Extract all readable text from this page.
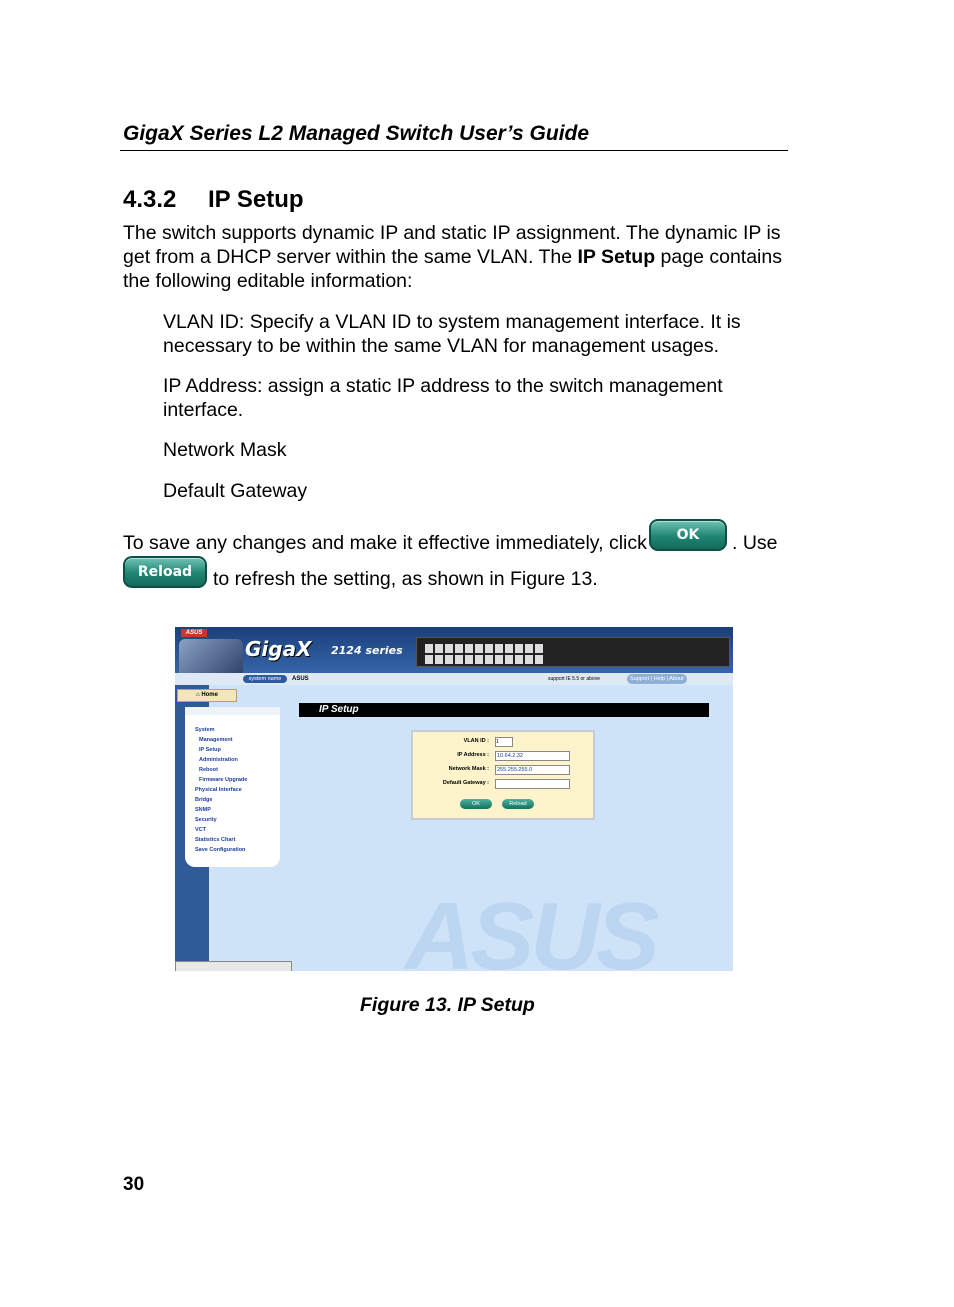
GigaX Series L2 Managed Switch User’s Guide
4.3.2 IP Setup
The switch supports dynamic IP and static IP assignment. The dynamic IP is get from a DHCP server within the same VLAN. The IP Setup page contains the following editable information:
VLAN ID: Specify a VLAN ID to system management interface. It is necessary to be within the same VLAN for management usages.
IP Address: assign a static IP address to the switch management interface.
Network Mask
Default Gateway
To save any changes and make it effective immediately, click	OK	. Use
Reload	to refresh the setting, as shown in Figure 13.
ASUS
GigaX 2124 series
system name	ASUS	support IE 5.5 or above	Support | Help | About
⌂ Home
System
Management
IP Setup
Administration
Reboot
Firmware Upgrade
Physical Interface
Bridge
SNMP
Security
VCT
Statistics Chart
Save Configuration
IP Setup
VLAN ID : 1
IP Address :	10.64.2.32
Network Mask :	255.255.255.0
Default Gateway :
OK	Reload
ASUS
Figure 13. IP Setup
30
